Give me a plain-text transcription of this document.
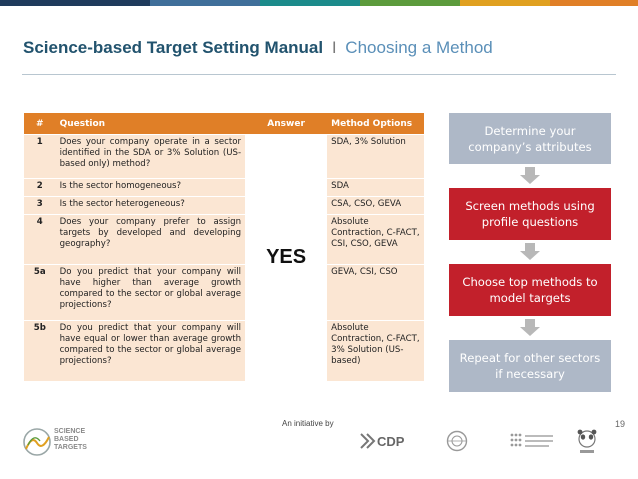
Science-based Target Setting Manual I Choosing a Method
#	Question	Answer	Method Options
1	Does your company operate in a sector identified in the SDA or 3% Solution (US-based only) method?	YES	SDA, 3% Solution
2	Is the sector homogeneous?		SDA
3	Is the sector heterogeneous?		CSA, CSO, GEVA
4	Does your company prefer to assign targets by developed and developing geography?		Absolute Contraction, C-FACT, CSI, CSO, GEVA
5a	Do you predict that your company will have higher than average growth compared to the sector or global average projections?		GEVA, CSI, CSO
5b	Do you predict that your company will have equal or lower than average growth compared to the sector or global average projections?		Absolute Contraction, C-FACT, 3% Solution (US-based)
Determine your company’s attributes
Screen methods using profile questions
Choose top methods to model targets
Repeat for other sectors if necessary
SCIENCE
BASED
TARGETS
An initiative by
CDP
19
